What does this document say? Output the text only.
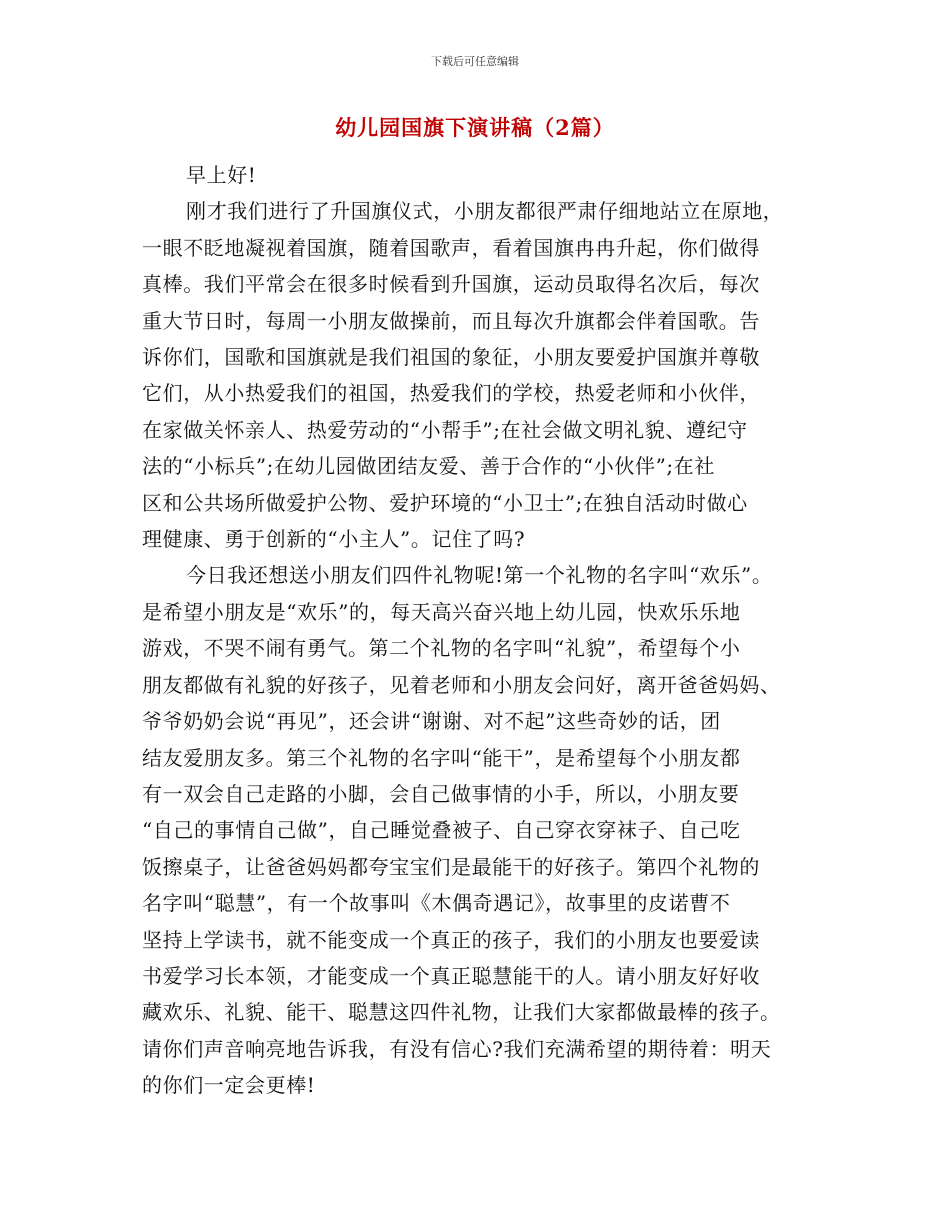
下载后可任意编辑
幼儿园国旗下演讲稿（2篇）
早上好!
刚才我们进行了升国旗仪式，小朋友都很严肃仔细地站立在原地，
一眼不眨地凝视着国旗，随着国歌声，看着国旗冉冉升起，你们做得
真棒。我们平常会在很多时候看到升国旗，运动员取得名次后，每次
重大节日时，每周一小朋友做操前，而且每次升旗都会伴着国歌。告
诉你们，国歌和国旗就是我们祖国的象征，小朋友要爱护国旗并尊敬
它们，从小热爱我们的祖国，热爱我们的学校，热爱老师和小伙伴，
在家做关怀亲人、热爱劳动的“小帮手”;在社会做文明礼貌、遵纪守
法的“小标兵”;在幼儿园做团结友爱、善于合作的“小伙伴”;在社
区和公共场所做爱护公物、爱护环境的“小卫士”;在独自活动时做心
理健康、勇于创新的“小主人”。记住了吗?
今日我还想送小朋友们四件礼物呢!第一个礼物的名字叫“欢乐”。
是希望小朋友是“欢乐”的，每天高兴奋兴地上幼儿园，快欢乐乐地
游戏，不哭不闹有勇气。第二个礼物的名字叫“礼貌”，希望每个小
朋友都做有礼貌的好孩子，见着老师和小朋友会问好，离开爸爸妈妈、
爷爷奶奶会说“再见”，还会讲“谢谢、对不起”这些奇妙的话，团
结友爱朋友多。第三个礼物的名字叫“能干”，是希望每个小朋友都
有一双会自己走路的小脚，会自己做事情的小手，所以，小朋友要
“自己的事情自己做”，自己睡觉叠被子、自己穿衣穿袜子、自己吃
饭擦桌子，让爸爸妈妈都夸宝宝们是最能干的好孩子。第四个礼物的
名字叫“聪慧”，有一个故事叫《木偶奇遇记》，故事里的皮诺曹不
坚持上学读书，就不能变成一个真正的孩子，我们的小朋友也要爱读
书爱学习长本领，才能变成一个真正聪慧能干的人。请小朋友好好收
藏欢乐、礼貌、能干、聪慧这四件礼物，让我们大家都做最棒的孩子。
请你们声音响亮地告诉我，有没有信心?我们充满希望的期待着：明天
的你们一定会更棒!
